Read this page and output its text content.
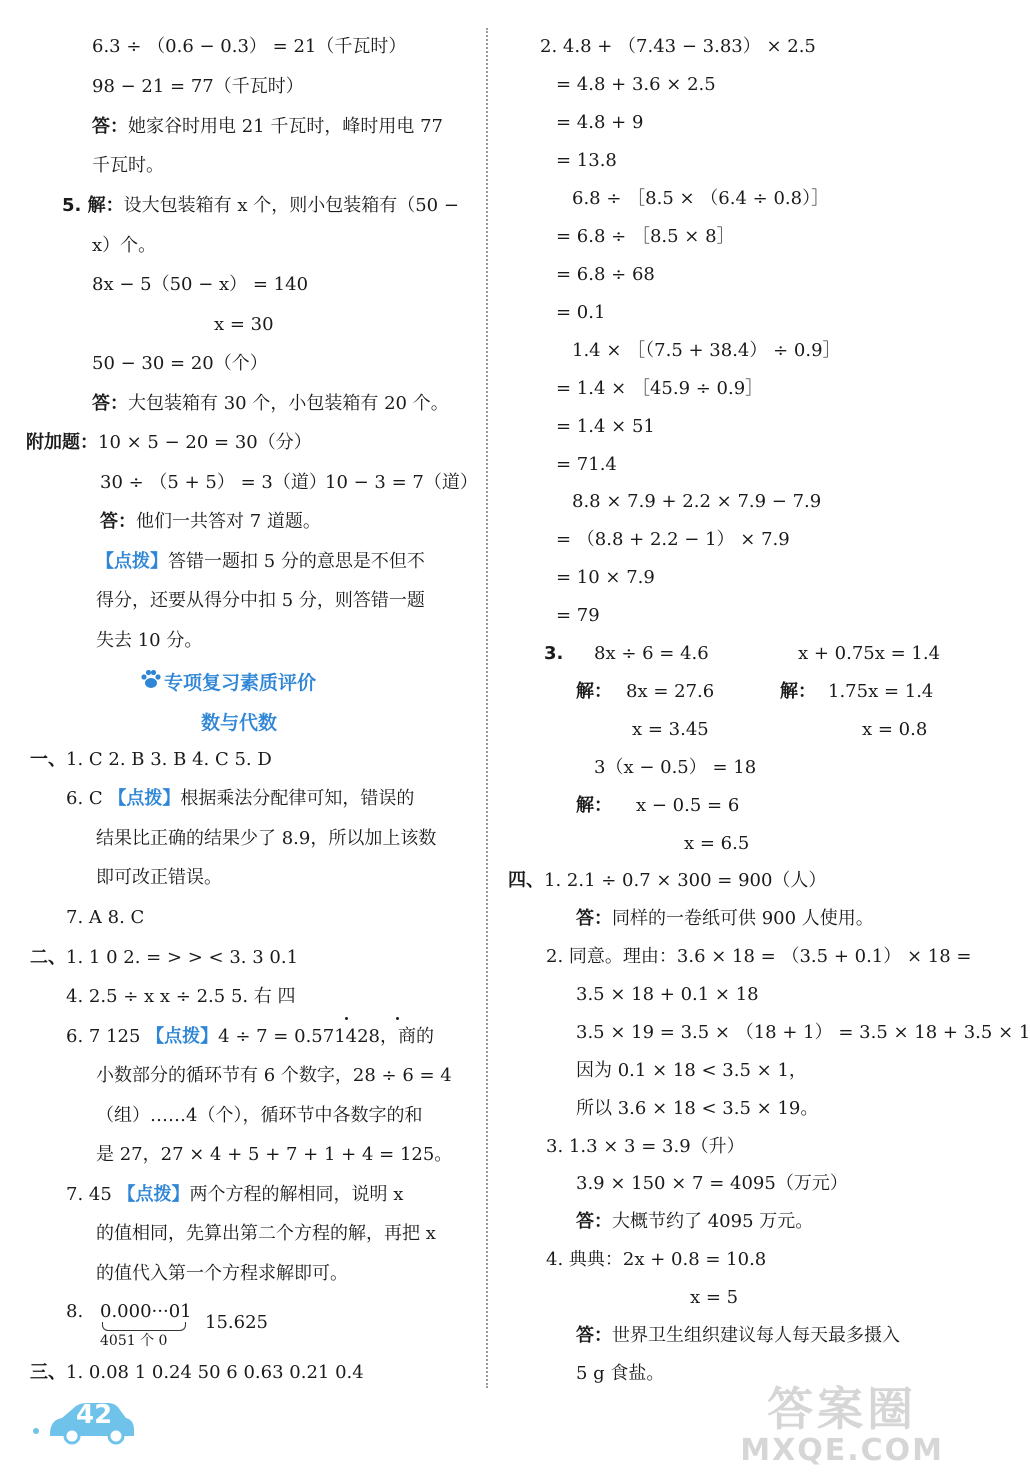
6.3 ÷ （0.6 − 0.3） = 21（千瓦时）
98 − 21 = 77（千瓦时）
答：她家谷时用电 21 千瓦时，峰时用电 77
千瓦时。
5. 解：设大包装箱有 x 个，则小包装箱有（50 −
x）个。
8x − 5（50 − x） = 140
x = 30
50 − 30 = 20（个）
答：大包装箱有 30 个，小包装箱有 20 个。
附加题：10 × 5 − 20 = 30（分）
30 ÷ （5 + 5） = 3（道）
10 − 3 = 7（道）
答：他们一共答对 7 道题。
【点拨】答错一题扣 5 分的意思是不但不
得分，还要从得分中扣 5 分，则答错一题
失去 10 分。
专项复习素质评价
数与代数
一、1. C 2. B 3. B 4. C 5. D
6. C 【点拨】根据乘法分配律可知，错误的
结果比正确的结果少了 8.9，所以加上该数
即可改正错误。
7. A 8. C
二、1. 1 0 2. = > > < 3. 3 0.1
4. 2.5 ÷ x x ÷ 2.5 5. 右 四
6. 7 125 【点拨】4 ÷ 7 = 0.571428，商的
小数部分的循环节有 6 个数字，28 ÷ 6 = 4
（组）……4（个），循环节中各数字的和
是 27，27 × 4 + 5 + 7 + 1 + 4 = 125。
7. 45 【点拨】两个方程的解相同，说明 x
的值相同，先算出第二个方程的解，再把 x
的值代入第一个方程求解即可。
8. 0.000···01
4051 个 0
15.625
三、1. 0.08 1 0.24 50 6 0.63 0.21 0.4
2. 4.8 + （7.43 − 3.83） × 2.5
= 4.8 + 3.6 × 2.5
= 4.8 + 9
= 13.8
6.8 ÷ ［8.5 × （6.4 ÷ 0.8）］
= 6.8 ÷ ［8.5 × 8］
= 6.8 ÷ 68
= 0.1
1.4 × ［（7.5 + 38.4） ÷ 0.9］
= 1.4 × ［45.9 ÷ 0.9］
= 1.4 × 51
= 71.4
8.8 × 7.9 + 2.2 × 7.9 − 7.9
= （8.8 + 2.2 − 1） × 7.9
= 10 × 7.9
= 79
3. 8x ÷ 6 = 4.6	x + 0.75x = 1.4
解： 8x = 27.6	解： 1.75x = 1.4
x = 3.45	x = 0.8
3（x − 0.5） = 18
解： x − 0.5 = 6
x = 6.5
四、1. 2.1 ÷ 0.7 × 300 = 900（人）
答：同样的一卷纸可供 900 人使用。
2. 同意。理由：3.6 × 18 = （3.5 + 0.1） × 18 =
3.5 × 18 + 0.1 × 18
3.5 × 19 = 3.5 × （18 + 1） = 3.5 × 18 + 3.5 × 1
因为 0.1 × 18 < 3.5 × 1，
所以 3.6 × 18 < 3.5 × 19。
3. 1.3 × 3 = 3.9（升）
3.9 × 150 × 7 = 4095（万元）
答：大概节约了 4095 万元。
4. 典典：2x + 0.8 = 10.8
x = 5
答：世界卫生组织建议每人每天最多摄入
5 g 食盐。
42	答案圈
MXQE.COM
